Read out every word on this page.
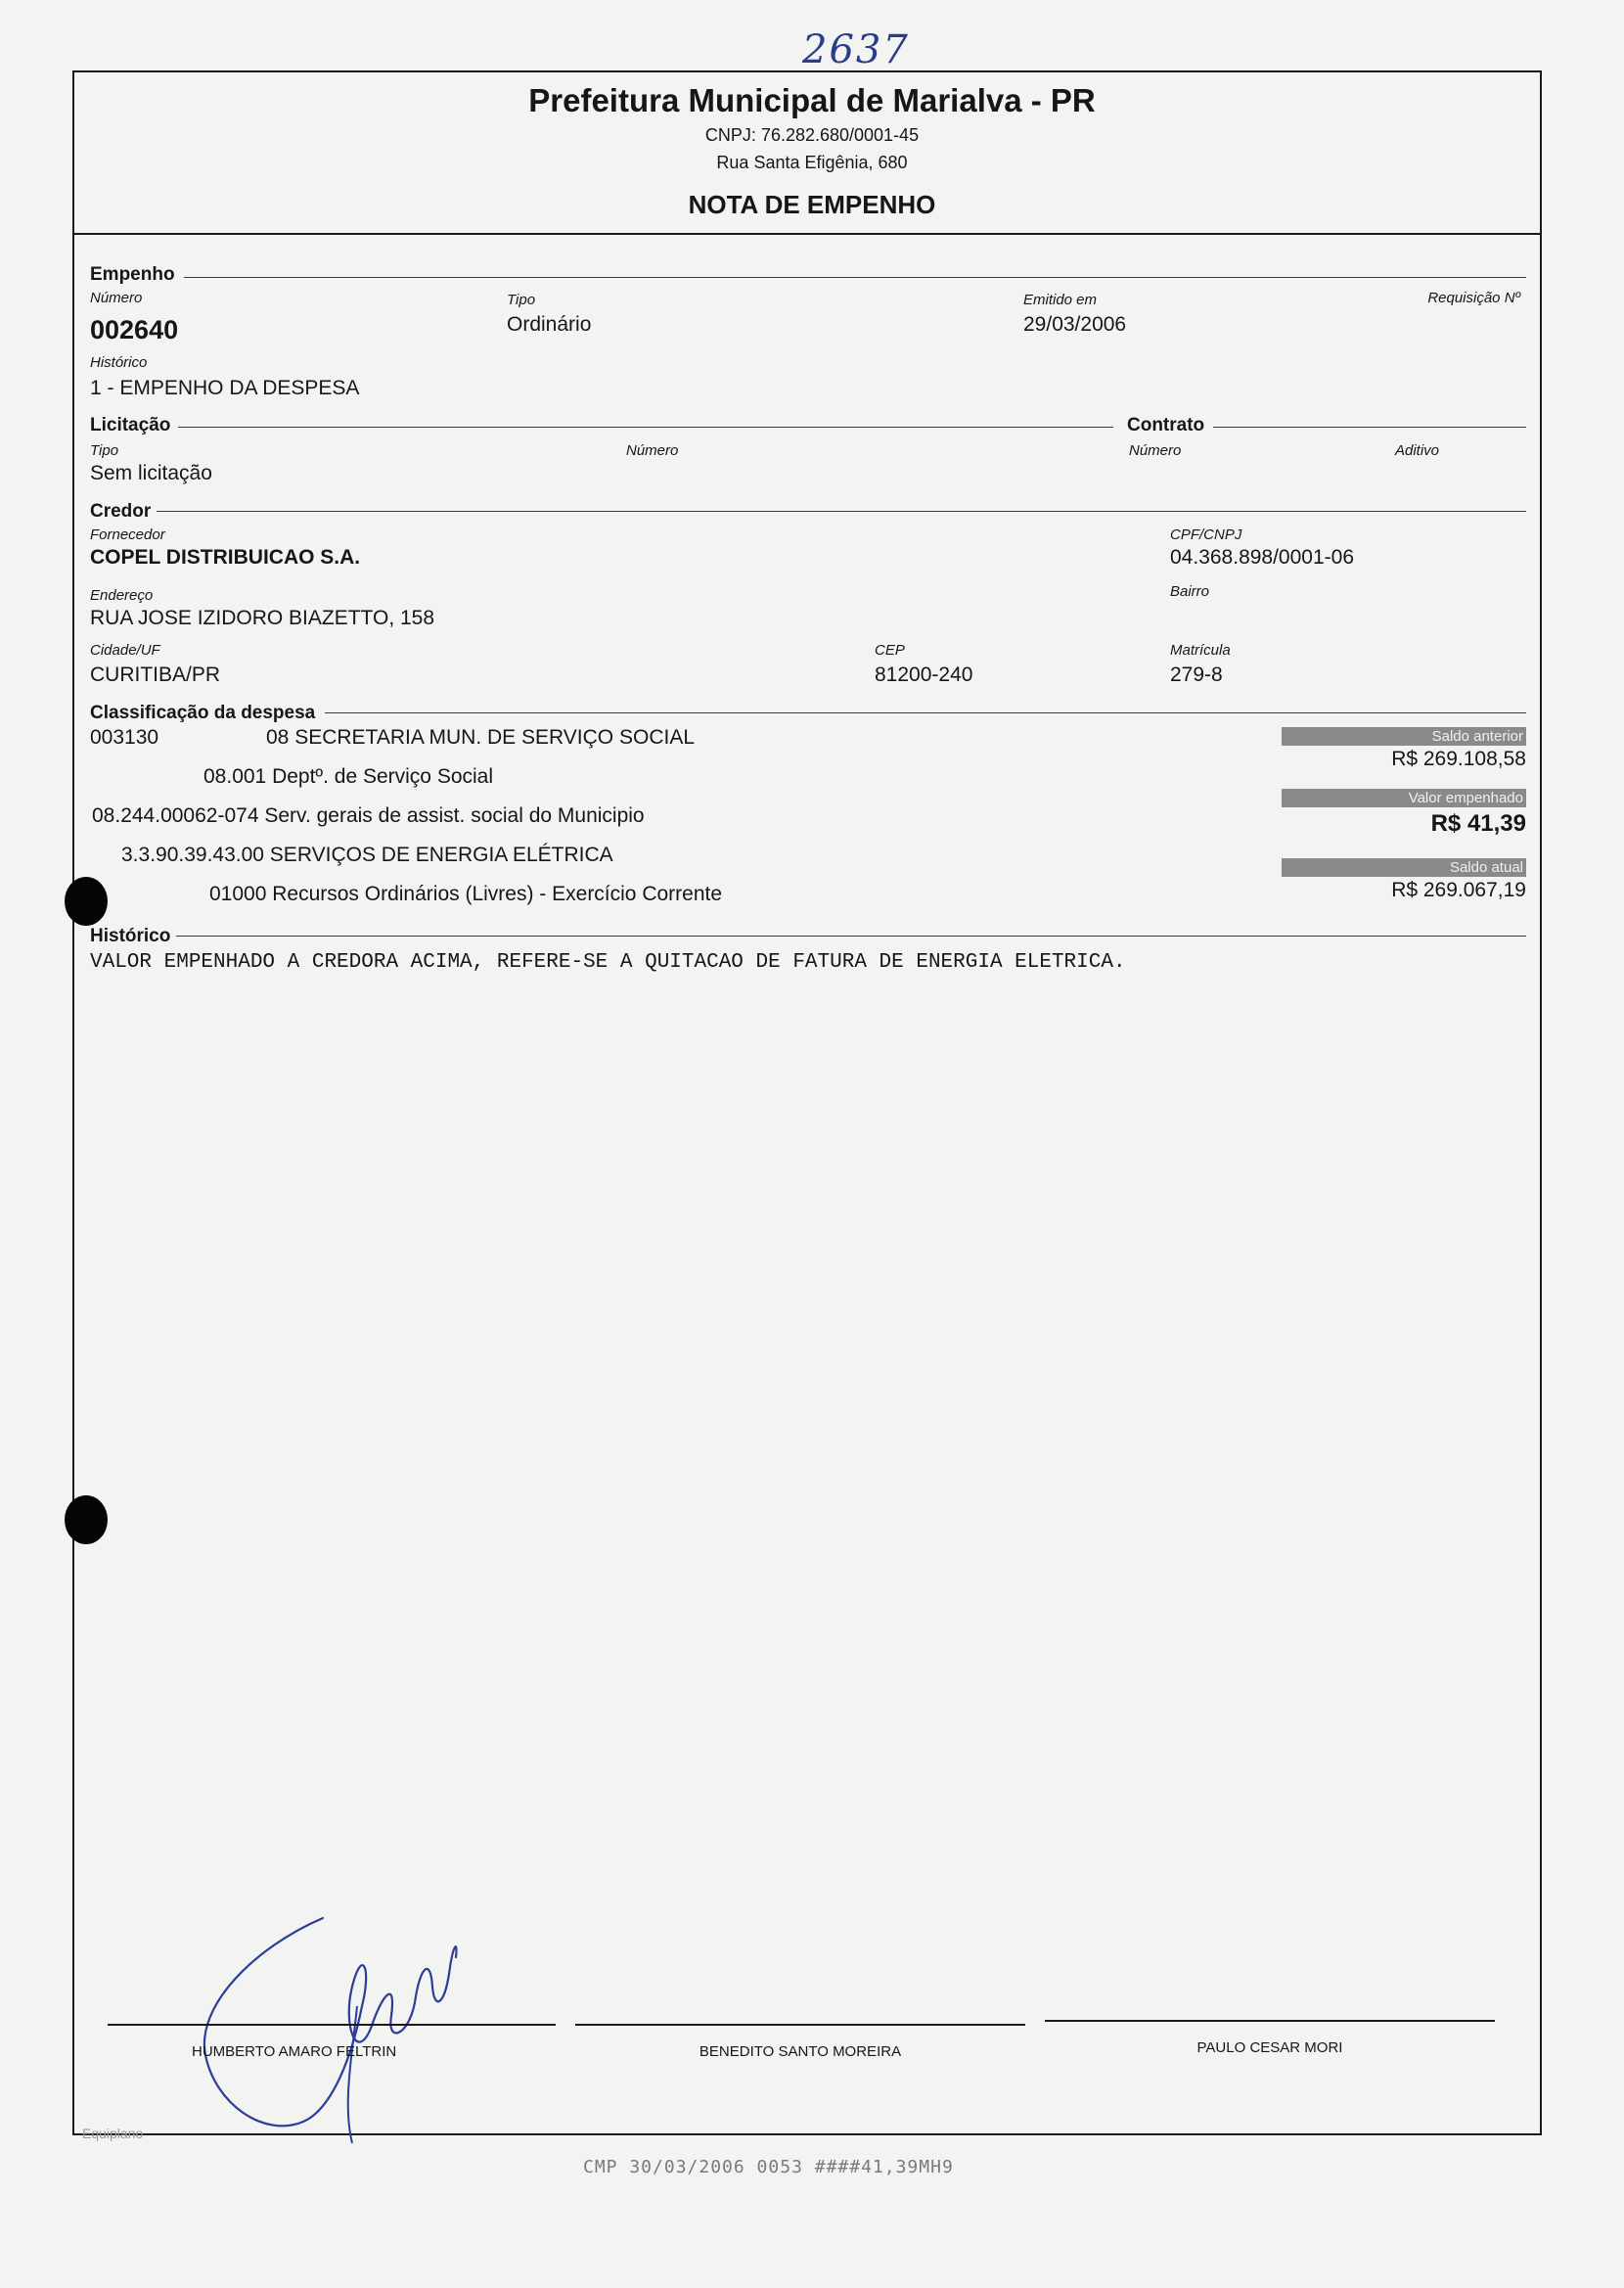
2637
Prefeitura Municipal de Marialva - PR
CNPJ: 76.282.680/0001-45
Rua Santa Efigênia, 680
NOTA DE EMPENHO
Empenho
Número
002640
Tipo
Ordinário
Emitido em
29/03/2006
Requisição Nº
Histórico
1 - EMPENHO DA DESPESA
Licitação	Contrato
Tipo	Número	Número	Aditivo
Sem licitação
Credor
Fornecedor
COPEL DISTRIBUICAO S.A.
CPF/CNPJ
04.368.898/0001-06
Endereço
RUA JOSE IZIDORO BIAZETTO, 158
Bairro
Cidade/UF
CURITIBA/PR
CEP
81200-240
Matrícula
279-8
Classificação da despesa
003130	08 SECRETARIA MUN. DE SERVIÇO SOCIAL
08.001 Deptº. de Serviço Social
08.244.00062-074 Serv. gerais de assist. social do Municipio
3.3.90.39.43.00 SERVIÇOS DE ENERGIA ELÉTRICA
01000 Recursos Ordinários (Livres) - Exercício Corrente
Saldo anterior
R$ 269.108,58
Valor empenhado
R$ 41,39
Saldo atual
R$ 269.067,19
Histórico
VALOR EMPENHADO A CREDORA ACIMA, REFERE-SE A QUITACAO DE FATURA DE ENERGIA ELETRICA.
HUMBERTO AMARO FELTRIN	BENEDITO SANTO MOREIRA	PAULO CESAR MORI
Equiplano
CMP 30/03/2006 0053 ####41,39MH9
